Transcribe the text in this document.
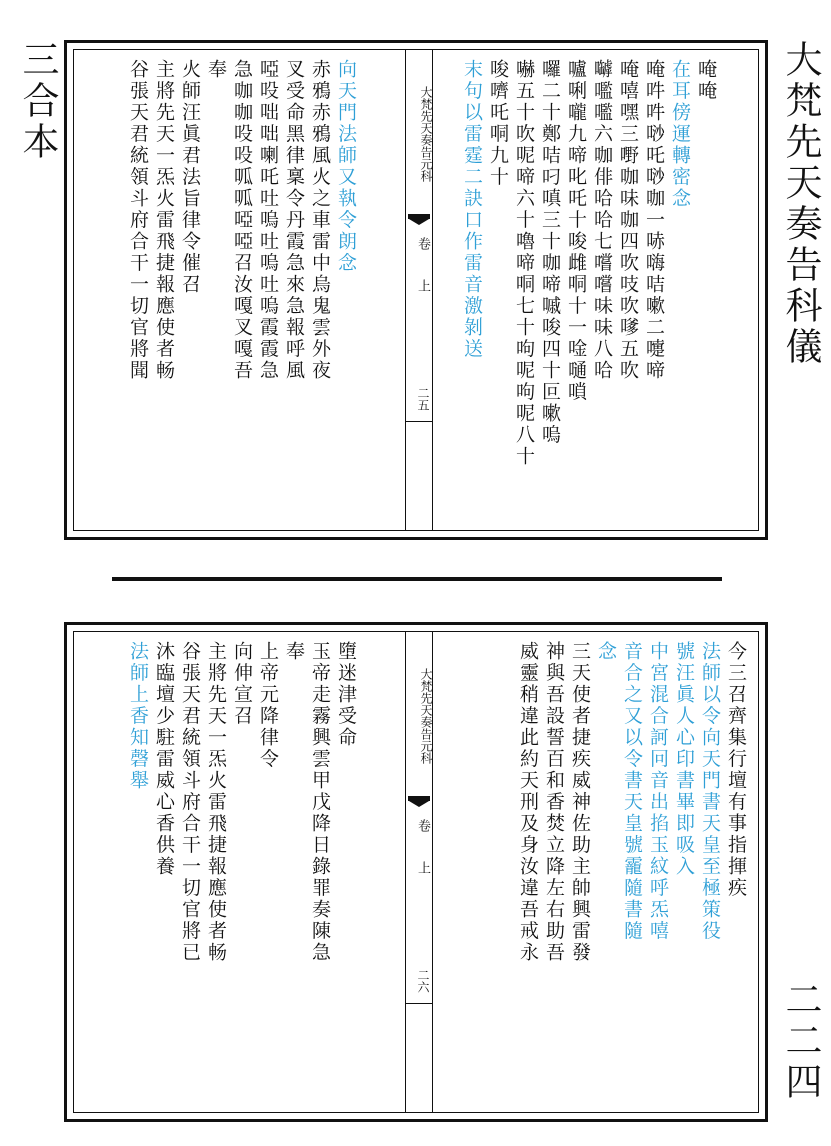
三合本	大梵先天奏告科儀
二二四
大梵先天奏告元科
卷
上
二五
唵唵
在耳傍運轉密念
唵吽吽唦吒唦咖一哧嗨咭嗽二嚏啼
唵嘻嘿三嘢咖味咖四吹吱吹嗲五吹
嚹嚂嚂六咖俳哈哈七嚐嚐味味八哈
嚧唎嚨九啼叱吒十唆雌哃十一唫嗵嗩
囉二十鄭咭叼嗔三十咖啼嘁唆四十叵嗽嗚
嚇五十吹呢啼六十嚕啼哃七十呴呢呴呢八十
唆嚌吒哃九十
末句以雷霆二訣口作雷音激剝送
向天門法師又執令朗念
赤鴉赤鴉風火之車雷中烏鬼雲外夜
叉受命黑律稟令丹霞急來急報呼風
啞吺咄咄喇吒吐嗚吐嗚吐嗚霞霞急
急咖咖吺吺呱呱啞啞召汝嘎叉嘎吾
奉
火師汪眞君法旨律令催召
主將先天一炁火雷飛捷報應使者畅
谷張天君統領斗府合干一切官將聞
大梵先天奏告元科
卷
上
二六
今三召齊集行壇有事指揮疾
法師以令向天門書天皇至極策役
號汪眞人心印書畢即吸入
中宮混合訶冋音出掐玉紋呼炁嘻
音合之又以令書天皇號靇隨書隨
念
三天使者捷疾威神佐助主帥興雷發
神與吾設誓百和香焚立降左右助吾
威靈稍違此約天刑及身汝違吾戒永
墮迷津受命
玉帝走霧興雲甲戊降日錄罪奏陳急
奉
上帝元降律令
向伸宣召
主將先天一炁火雷飛捷報應使者畅
谷張天君統領斗府合干一切官將已
沐臨壇少駐雷威心香供養
法師上香知磬舉
